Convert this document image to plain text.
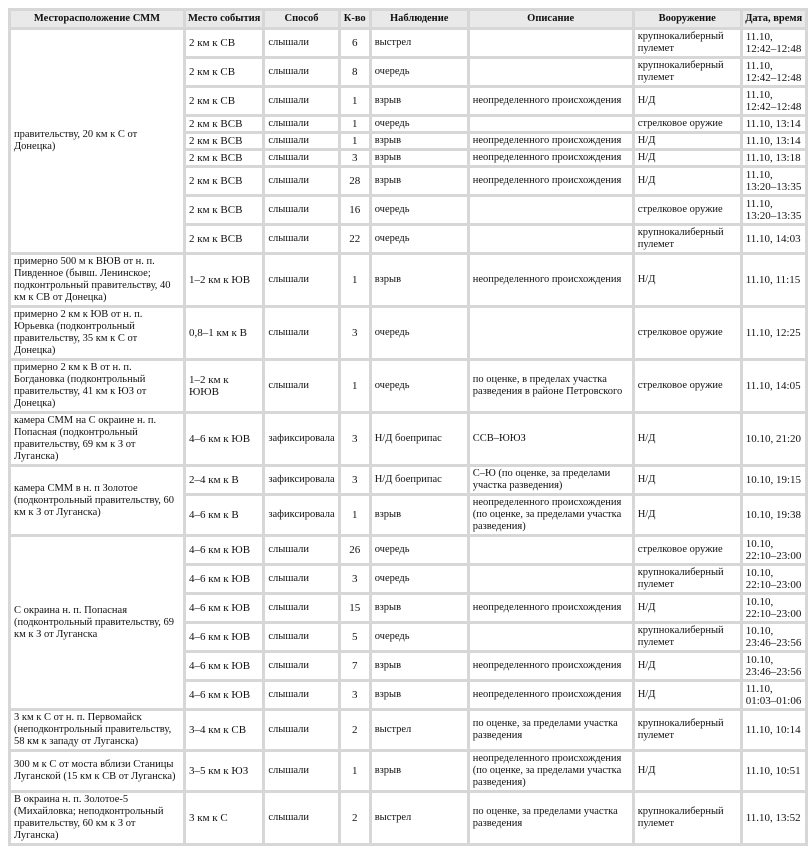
Месторасположение СММ	Место события	Способ	К-во	Наблюдение	Описание	Вооружение	Дата, время
правительству, 20 км к С от Донецка)	2 км к СВ	слышали	6	выстрел		крупнокалиберный пулемет	11.10, 12:42–12:48
	2 км к СВ	слышали	8	очередь		крупнокалиберный пулемет	11.10, 12:42–12:48
	2 км к СВ	слышали	1	взрыв	неопределенного происхождения	Н/Д	11.10, 12:42–12:48
	2 км к ВСВ	слышали	1	очередь		стрелковое оружие	11.10, 13:14
	2 км к ВСВ	слышали	1	взрыв	неопределенного происхождения	Н/Д	11.10, 13:14
	2 км к ВСВ	слышали	3	взрыв	неопределенного происхождения	Н/Д	11.10, 13:18
	2 км к ВСВ	слышали	28	взрыв	неопределенного происхождения	Н/Д	11.10, 13:20–13:35
	2 км к ВСВ	слышали	16	очередь		стрелковое оружие	11.10, 13:20–13:35
	2 км к ВСВ	слышали	22	очередь		крупнокалиберный пулемет	11.10, 14:03
примерно 500 м к ВЮВ от н. п. Пивденное (бывш. Ленинское; подконтрольный правительству, 40 км к СВ от Донецка)	1–2 км к ЮВ	слышали	1	взрыв	неопределенного происхождения	Н/Д	11.10, 11:15
примерно 2 км к ЮВ от н. п. Юрьевка (подконтрольный правительству, 35 км к С от Донецка)	0,8–1 км к В	слышали	3	очередь		стрелковое оружие	11.10, 12:25
примерно 2 км к В от н. п. Богдановка (подконтрольный правительству, 41 км к ЮЗ от Донецка)	1–2 км к ЮЮВ	слышали	1	очередь	по оценке, в пределах участка разведения в районе Петровского	стрелковое оружие	11.10, 14:05
камера СММ на С окраине н. п. Попасная (подконтрольный правительству, 69 км к З от Луганска)	4–6 км к ЮВ	зафиксировала	3	Н/Д боеприпас	ССВ–ЮЮЗ	Н/Д	10.10, 21:20
камера СММ в н. п Золотое (подконтрольный правительству, 60 км к З от Луганска)	2–4 км к В	зафиксировала	3	Н/Д боеприпас	С–Ю (по оценке, за пределами участка разведения)	Н/Д	10.10, 19:15
	4–6 км к В	зафиксировала	1	взрыв	неопределенного происхождения (по оценке, за пределами участка разведения)	Н/Д	10.10, 19:38
С окраина н. п. Попасная (подконтрольный правительству, 69 км к З от Луганска	4–6 км к ЮВ	слышали	26	очередь		стрелковое оружие	10.10, 22:10–23:00
	4–6 км к ЮВ	слышали	3	очередь		крупнокалиберный пулемет	10.10, 22:10–23:00
	4–6 км к ЮВ	слышали	15	взрыв	неопределенного происхождения	Н/Д	10.10, 22:10–23:00
	4–6 км к ЮВ	слышали	5	очередь		крупнокалиберный пулемет	10.10, 23:46–23:56
	4–6 км к ЮВ	слышали	7	взрыв	неопределенного происхождения	Н/Д	10.10, 23:46–23:56
	4–6 км к ЮВ	слышали	3	взрыв	неопределенного происхождения	Н/Д	11.10, 01:03–01:06
3 км к С от н. п. Первомайск (неподконтрольный правительству, 58 км к западу от Луганска)	3–4 км к СВ	слышали	2	выстрел	по оценке, за пределами участка разведения	крупнокалиберный пулемет	11.10, 10:14
300 м к С от моста вблизи Станицы Луганской (15 км к СВ от Луганска)	3–5 км к ЮЗ	слышали	1	взрыв	неопределенного происхождения (по оценке, за пределами участка разведения)	Н/Д	11.10, 10:51
В окраина н. п. Золотое-5 (Михайловка; неподконтрольный правительству, 60 км к З от Луганска)	3 км к С	слышали	2	выстрел	по оценке, за пределами участка разведения	крупнокалиберный пулемет	11.10, 13:52
